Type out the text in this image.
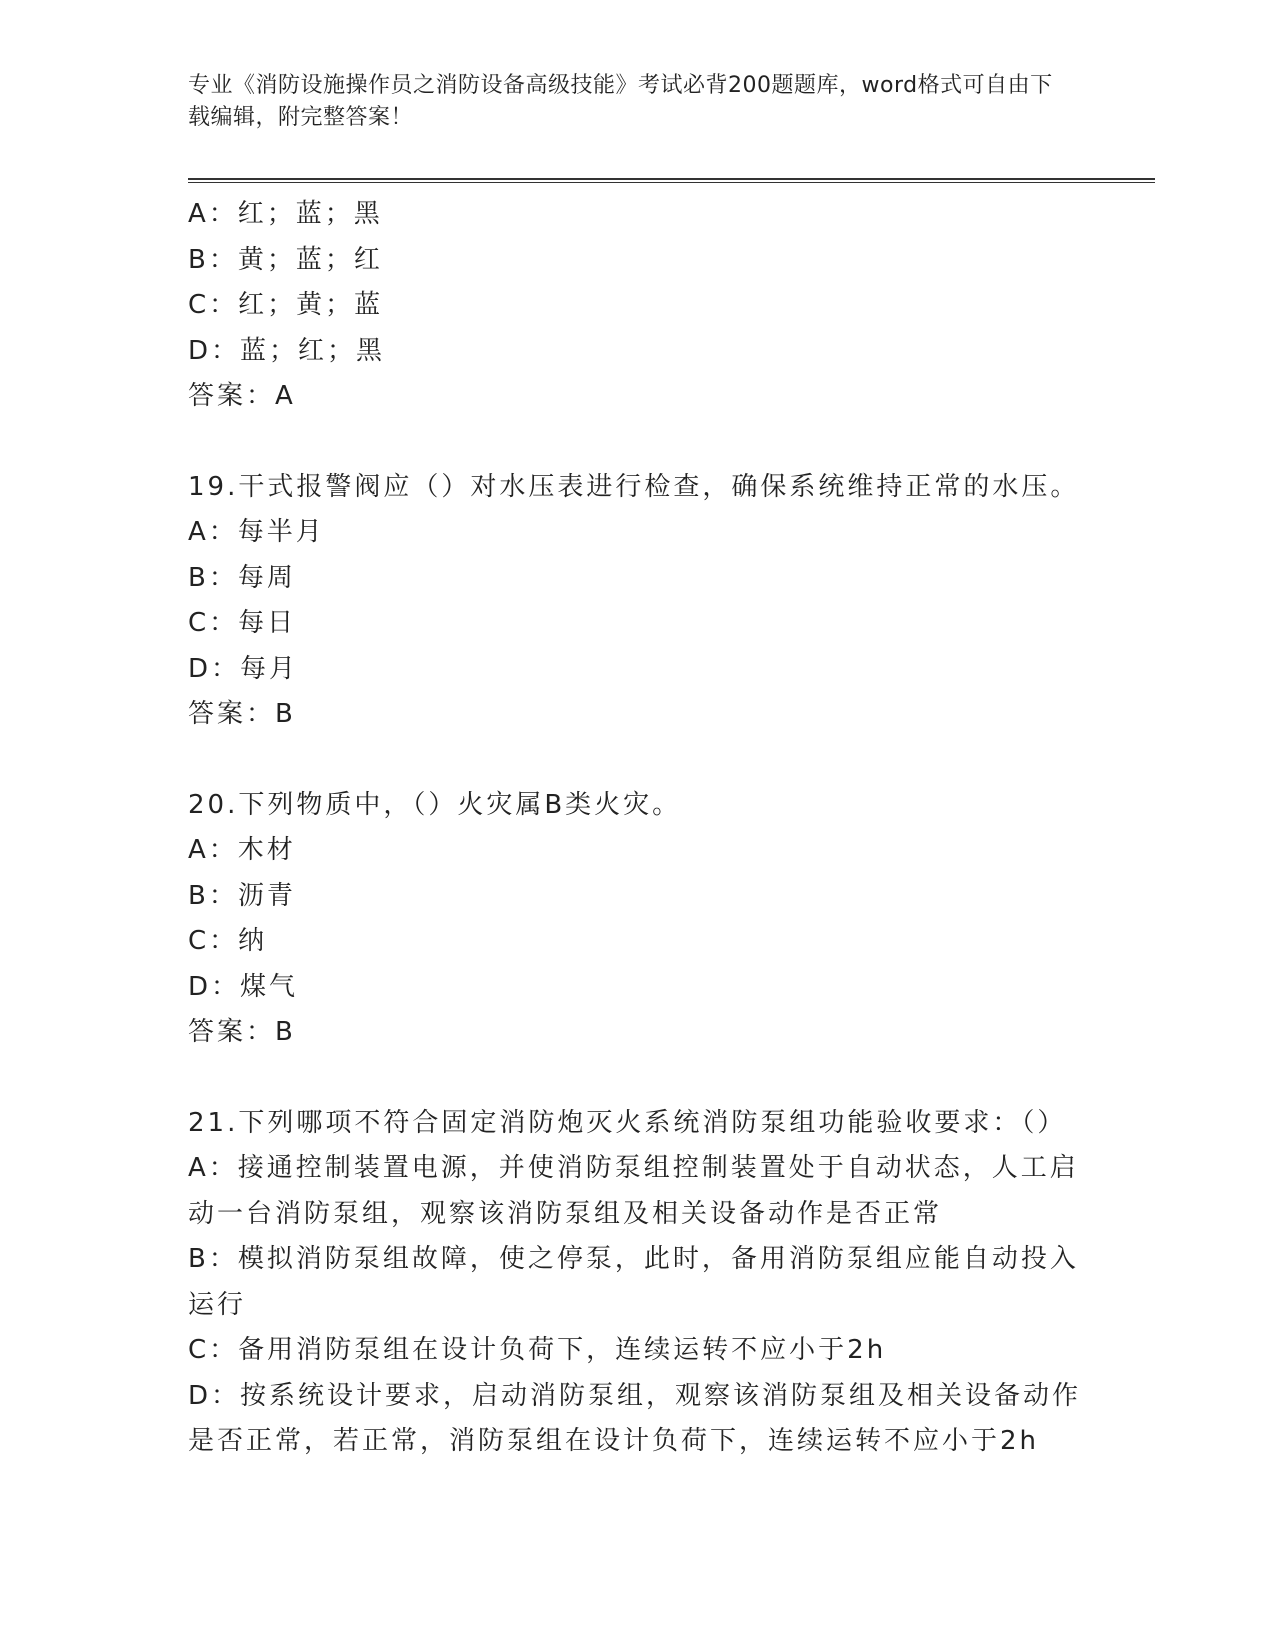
专业《消防设施操作员之消防设备高级技能》考试必背200题题库，word格式可自由下载编辑，附完整答案！
A：红；蓝；黑
B：黄；蓝；红
C：红；黄；蓝
D：蓝；红；黑
答案：A
19.干式报警阀应（）对水压表进行检查，确保系统维持正常的水压。
A：每半月
B：每周
C：每日
D：每月
答案：B
20.下列物质中，（）火灾属B类火灾。
A：木材
B：沥青
C：纳
D：煤气
答案：B
21.下列哪项不符合固定消防炮灭火系统消防泵组功能验收要求：（）
A：接通控制装置电源，并使消防泵组控制装置处于自动状态，人工启动一台消防泵组，观察该消防泵组及相关设备动作是否正常
B：模拟消防泵组故障，使之停泵，此时，备用消防泵组应能自动投入运行
C：备用消防泵组在设计负荷下，连续运转不应小于2h
D：按系统设计要求，启动消防泵组，观察该消防泵组及相关设备动作是否正常，若正常，消防泵组在设计负荷下，连续运转不应小于2h
